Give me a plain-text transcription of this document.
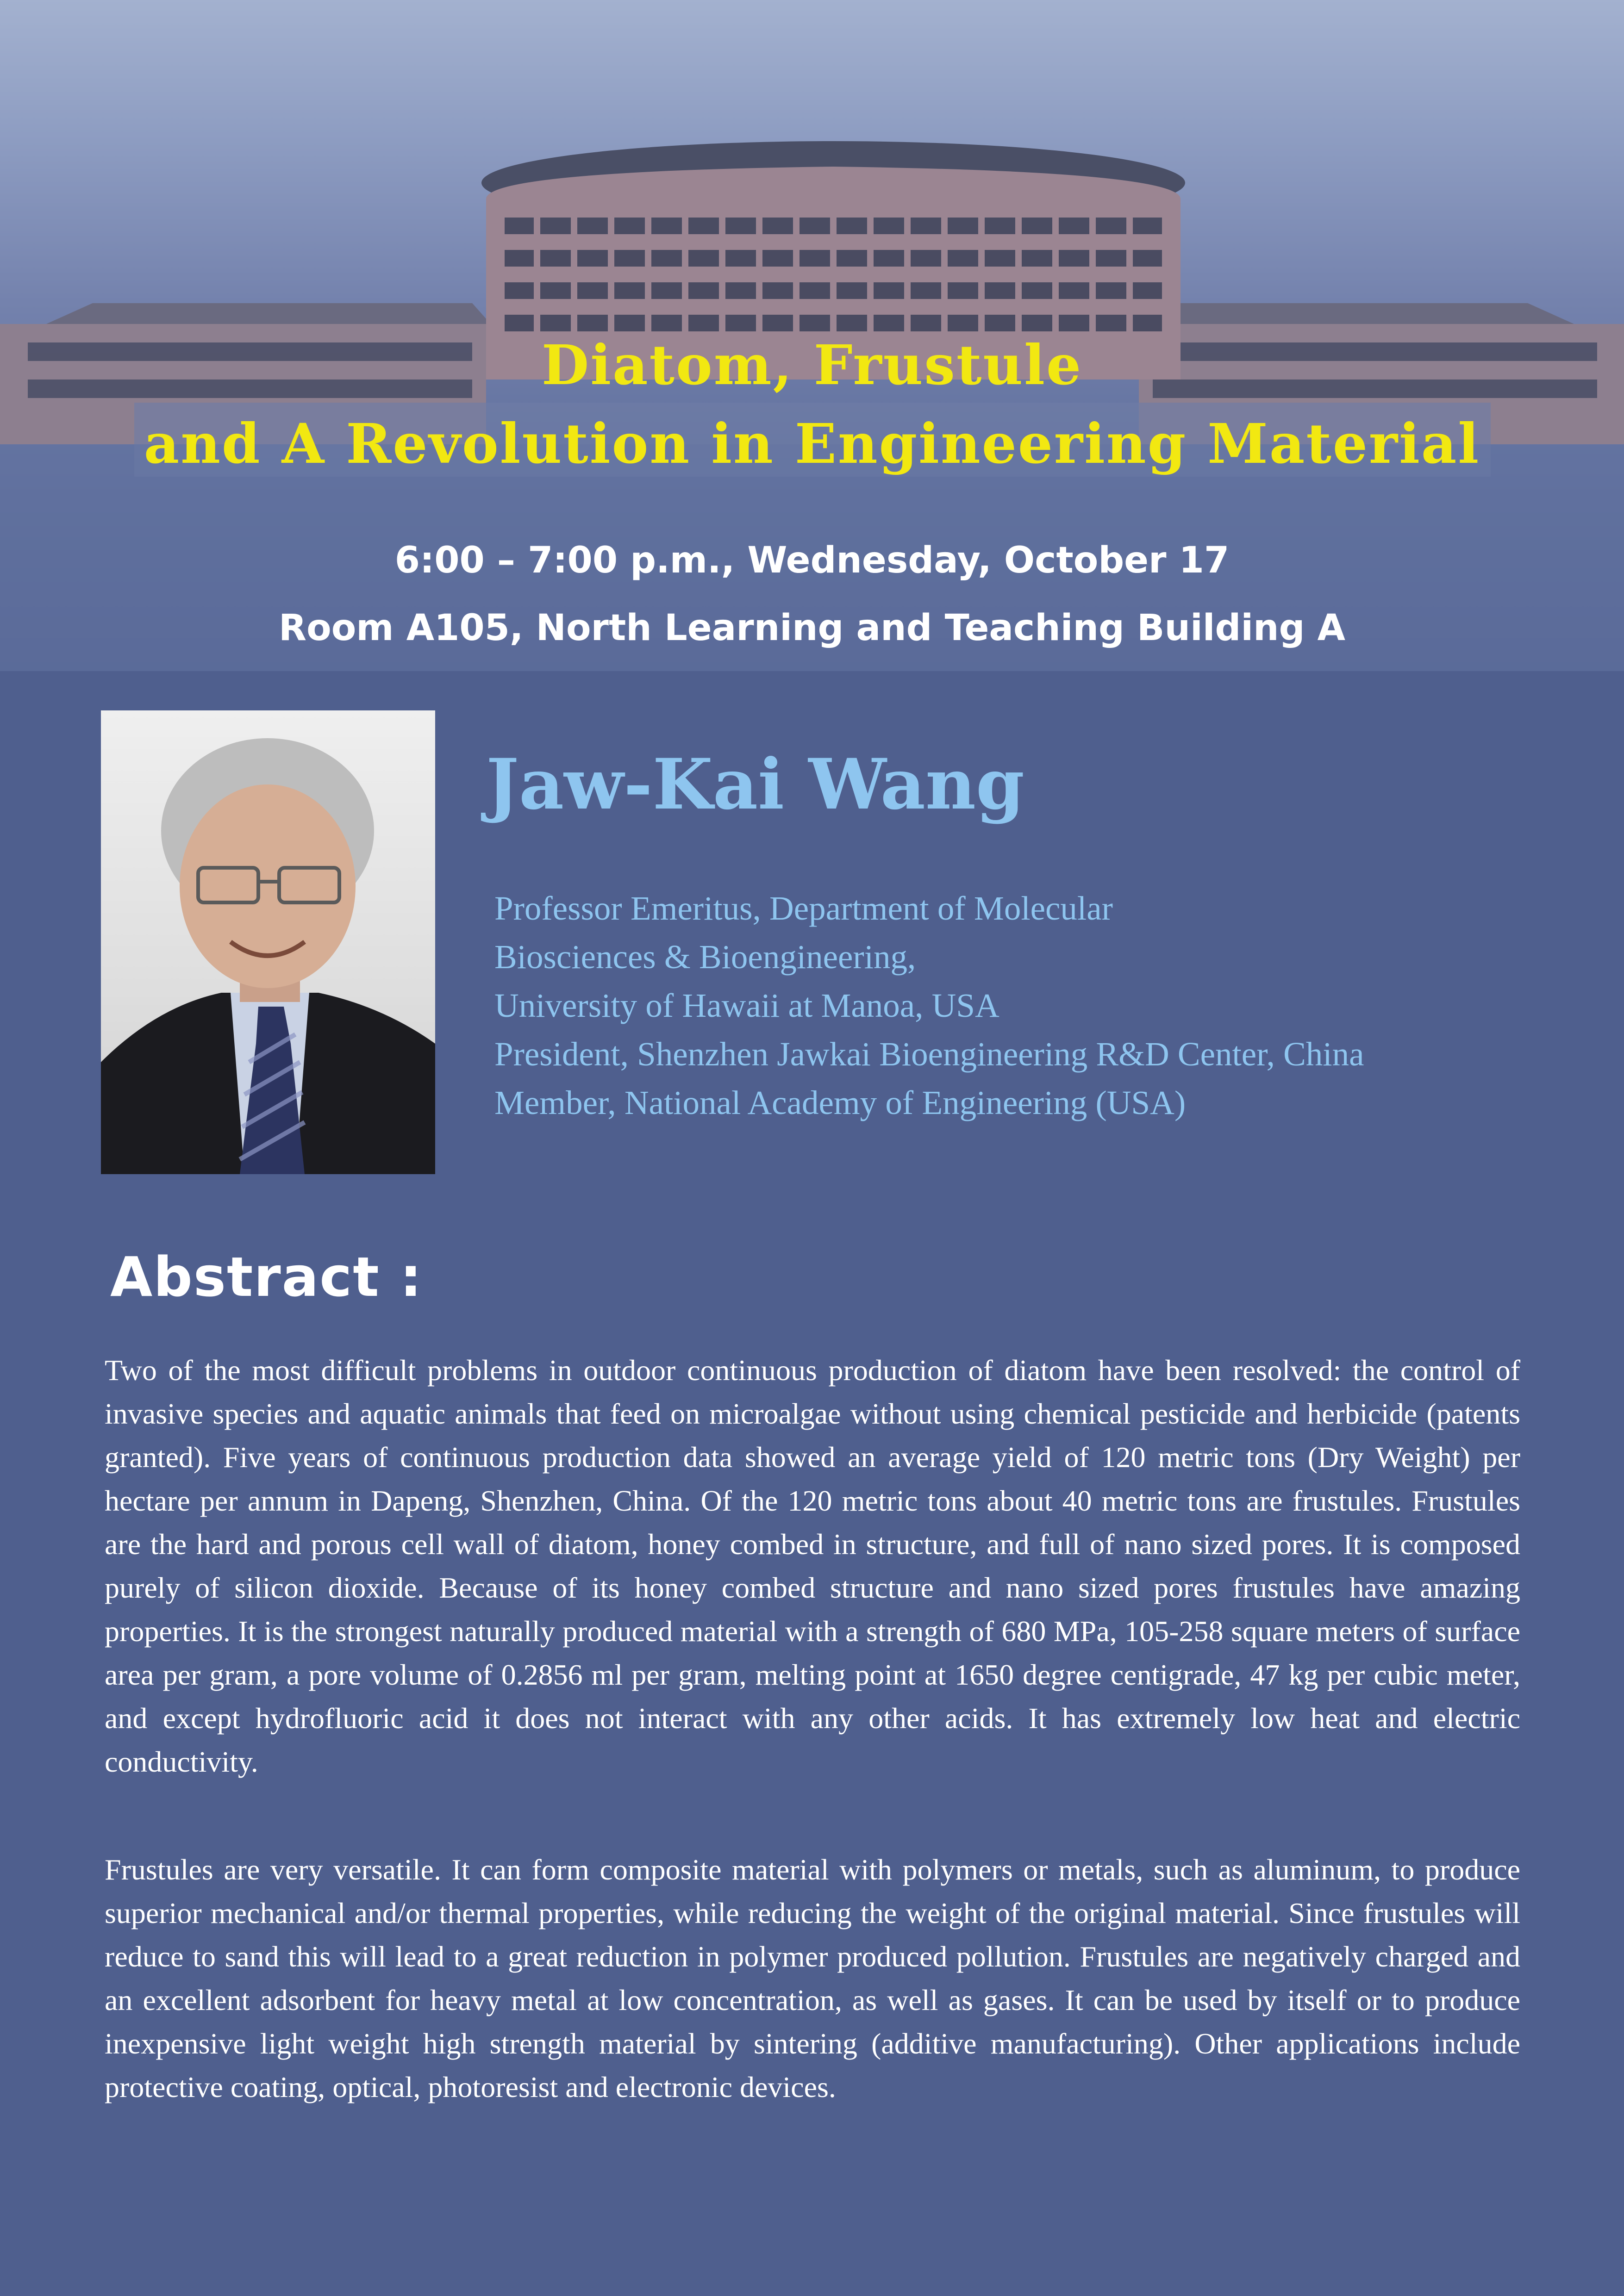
Diatom, Frustule
and A Revolution in Engineering Material
6:00 – 7:00 p.m., Wednesday, October 17
Room A105, North Learning and Teaching Building A
Jaw-Kai Wang
Professor Emeritus, Department of Molecular
Biosciences & Bioengineering,
University of Hawaii at Manoa, USA
President, Shenzhen Jawkai Bioengineering R&D Center, China
Member, National Academy of Engineering (USA)
Abstract :

Two of the most difficult problems in outdoor continuous production of diatom have been resolved: the control of invasive species and aquatic animals that feed on microalgae without using chemical pesticide and herbicide (patents granted). Five years of continuous production data showed an average yield of 120 metric tons (Dry Weight) per hectare per annum in Dapeng, Shenzhen, China. Of the 120 metric tons about 40 metric tons are frustules. Frustules are the hard and porous cell wall of diatom, honey combed in structure, and full of nano sized pores. It is composed purely of silicon dioxide. Because of its honey combed structure and nano sized pores frustules have amazing properties. It is the strongest naturally produced material with a strength of 680 MPa, 105-258 square meters of surface area per gram, a pore volume of 0.2856 ml per gram, melting point at 1650 degree centigrade, 47 kg per cubic meter, and except hydrofluoric acid it does not interact with any other acids. It has extremely low heat and electric conductivity.

Frustules are very versatile. It can form composite material with polymers or metals, such as aluminum, to produce superior mechanical and/or thermal properties, while reducing the weight of the original material. Since frustules will reduce to sand this will lead to a great reduction in polymer produced pollution. Frustules are negatively charged and an excellent adsorbent for heavy metal at low concentration, as well as gases. It can be used by itself or to produce inexpensive light weight high strength material by sintering (additive manufacturing). Other applications include protective coating, optical, photoresist and electronic devices.
